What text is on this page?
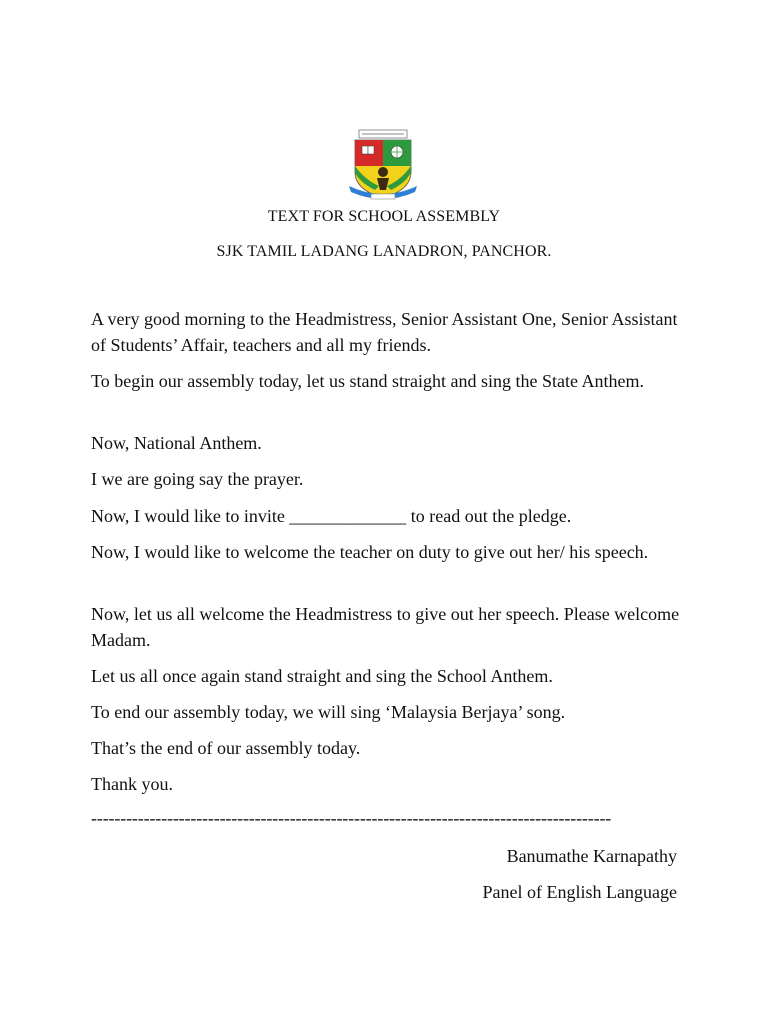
TEXT FOR SCHOOL ASSEMBLY
SJK TAMIL LADANG LANADRON, PANCHOR.

A very good morning to the Headmistress, Senior Assistant One, Senior Assistant of Students’ Affair, teachers and all my friends.

To begin our assembly today, let us stand straight and sing the State Anthem.

Now, National Anthem.

I we are going say the prayer.

Now, I would like to invite _____________ to read out the pledge.

Now, I would like to welcome the teacher on duty to give out her/ his speech.

Now, let us all welcome the Headmistress to give out her speech. Please welcome Madam.

Let us all once again stand straight and sing the School Anthem.

To end our assembly today, we will sing ‘Malaysia Berjaya’ song.

That’s the end of our assembly today.

Thank you.

-----------------------------------------------------------------------------------------
Banumathe Karnapathy
Panel of English Language
